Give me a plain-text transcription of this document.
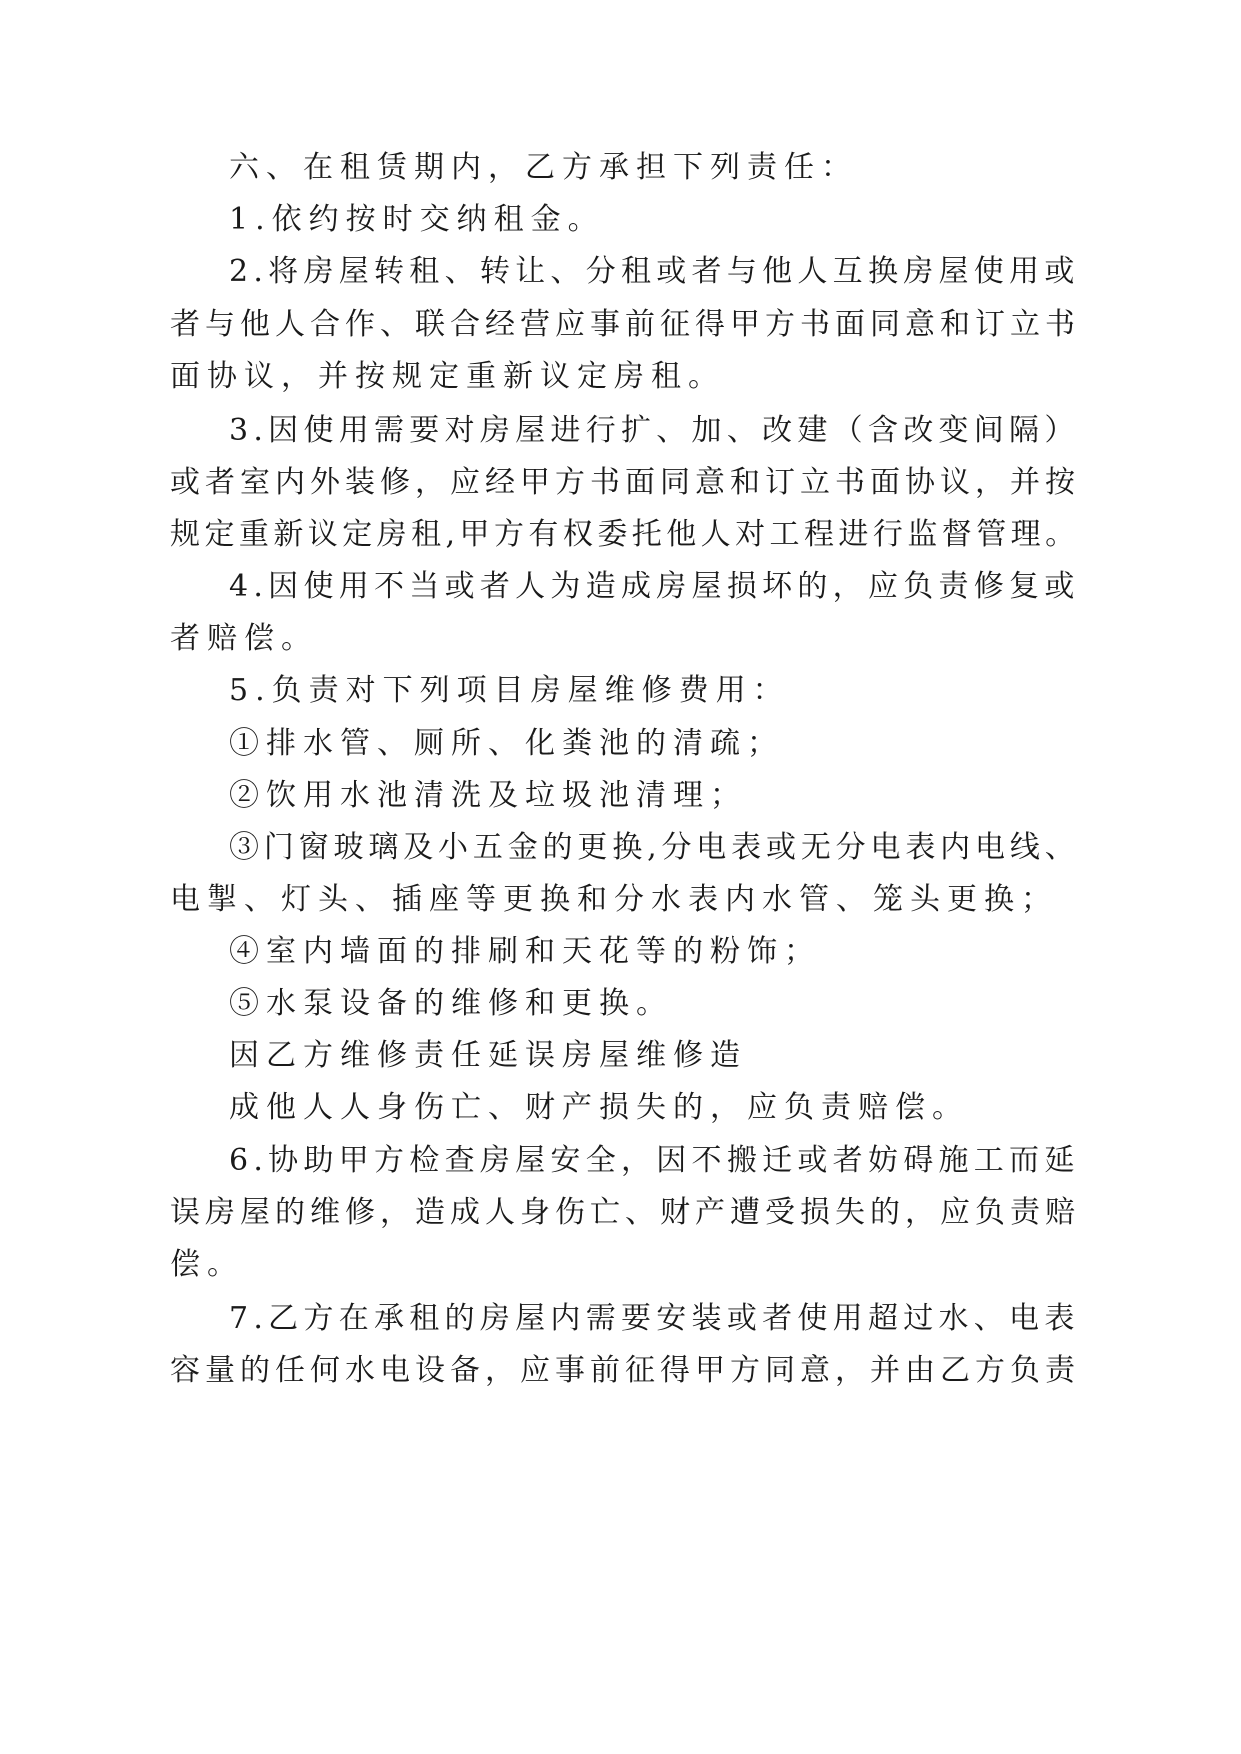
六、在租赁期内，乙方承担下列责任：
1.依约按时交纳租金。
2.将房屋转租、转让、分租或者与他人互换房屋使用或
者与他人合作、联合经营应事前征得甲方书面同意和订立书
面协议，并按规定重新议定房租。
3.因使用需要对房屋进行扩、加、改建（含改变间隔）
或者室内外装修，应经甲方书面同意和订立书面协议，并按
规定重新议定房租,甲方有权委托他人对工程进行监督管理。
4.因使用不当或者人为造成房屋损坏的，应负责修复或
者赔偿。
5.负责对下列项目房屋维修费用：
①排水管、厕所、化粪池的清疏；
②饮用水池清洗及垃圾池清理；
③门窗玻璃及小五金的更换,分电表或无分电表内电线、
电掣、灯头、插座等更换和分水表内水管、笼头更换；
④室内墙面的排刷和天花等的粉饰；
⑤水泵设备的维修和更换。
因乙方维修责任延误房屋维修造
成他人人身伤亡、财产损失的，应负责赔偿。
6.协助甲方检查房屋安全，因不搬迁或者妨碍施工而延
误房屋的维修，造成人身伤亡、财产遭受损失的，应负责赔
偿。
7.乙方在承租的房屋内需要安装或者使用超过水、电表
容量的任何水电设备，应事前征得甲方同意，并由乙方负责
